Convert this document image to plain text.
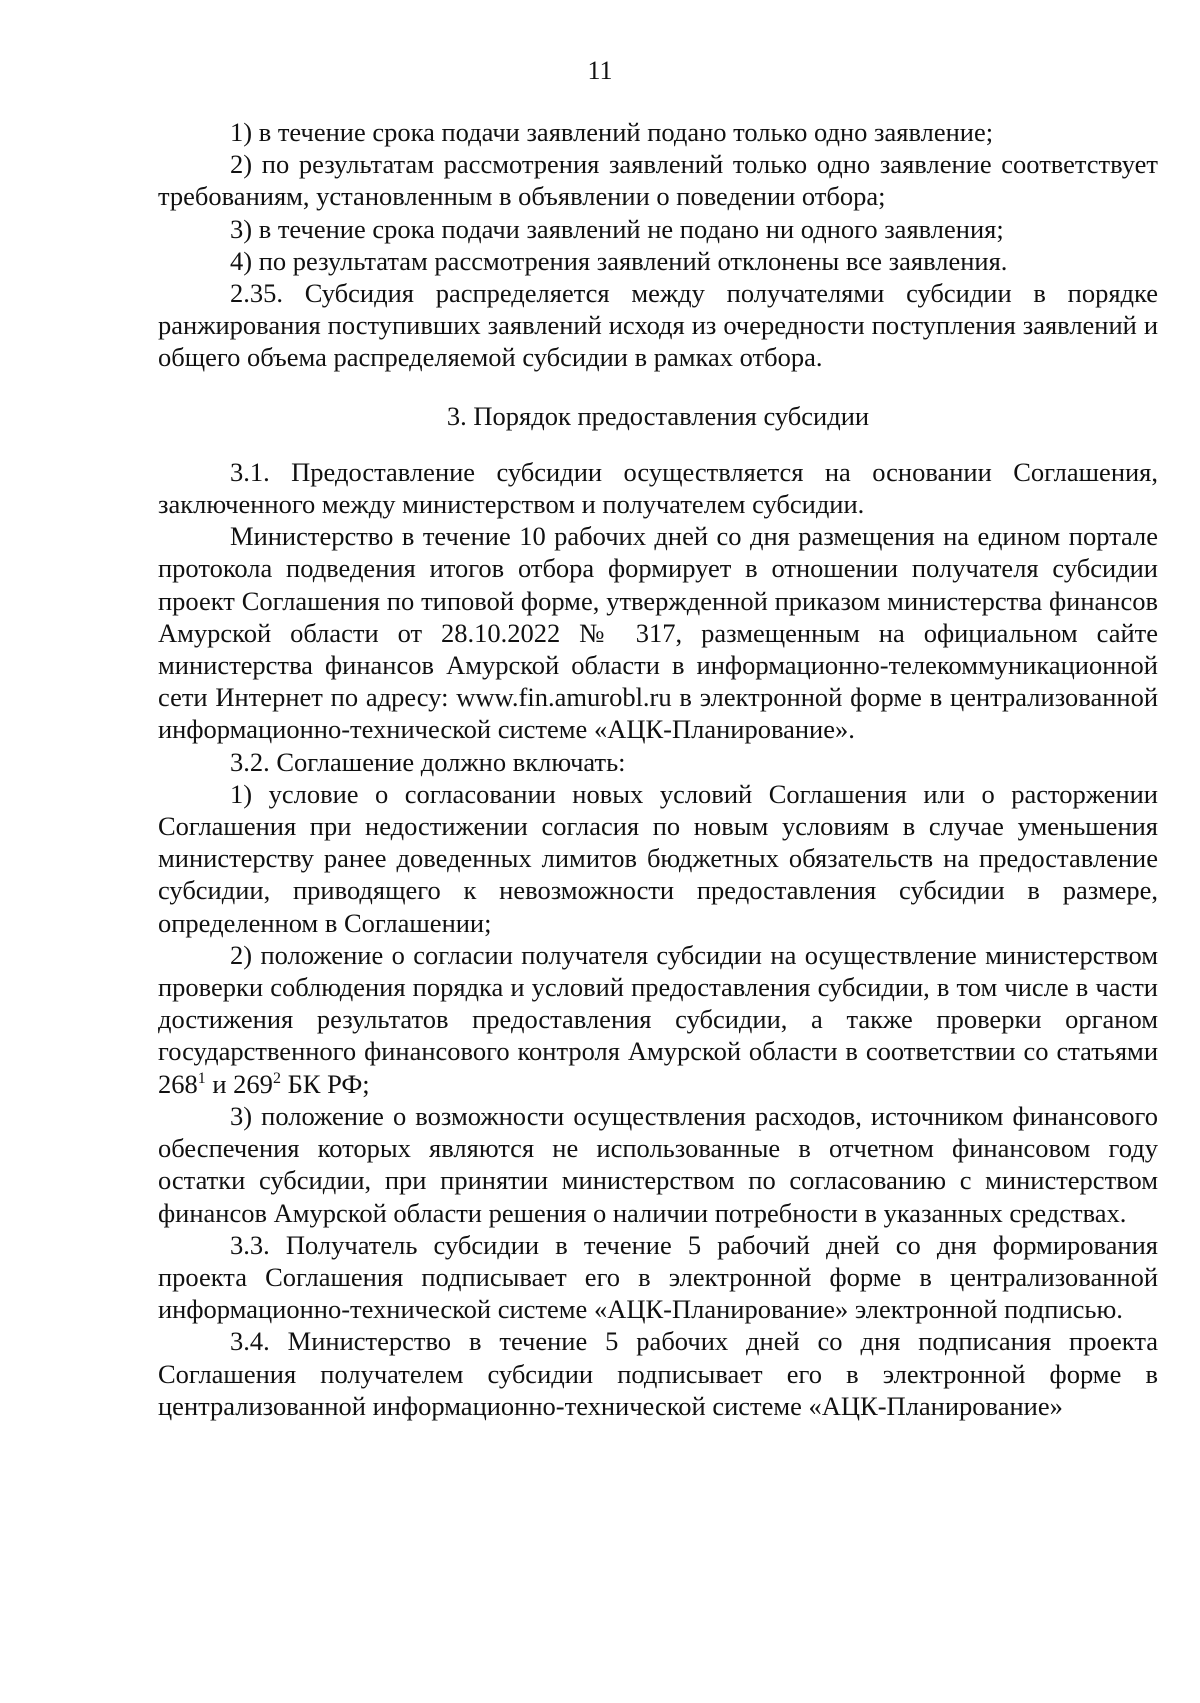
11

1) в течение срока подачи заявлений подано только одно заявление;

2) по результатам рассмотрения заявлений только одно заявление соответствует требованиям, установленным в объявлении о поведении отбора;

3) в течение срока подачи заявлений не подано ни одного заявления;

4) по результатам рассмотрения заявлений отклонены все заявления.

2.35. Субсидия распределяется между получателями субсидии в порядке ранжирования поступивших заявлений исходя из очередности поступления заявлений и общего объема распределяемой субсидии в рамках отбора.

3. Порядок предоставления субсидии

3.1. Предоставление субсидии осуществляется на основании Соглашения, заключенного между министерством и получателем субсидии.

Министерство в течение 10 рабочих дней со дня размещения на едином портале протокола подведения итогов отбора формирует в отношении получателя субсидии проект Соглашения по типовой форме, утвержденной приказом министерства финансов Амурской области от 28.10.2022 № 317, размещенным на официальном сайте министерства финансов Амурской области в информационно-телекоммуникационной сети Интернет по адресу: www.fin.amurobl.ru в электронной форме в централизованной информационно-технической системе «АЦК-Планирование».

3.2. Соглашение должно включать:

1) условие о согласовании новых условий Соглашения или о расторжении Соглашения при недостижении согласия по новым условиям в случае уменьшения министерству ранее доведенных лимитов бюджетных обязательств на предоставление субсидии, приводящего к невозможности предоставления субсидии в размере, определенном в Соглашении;

2) положение о согласии получателя субсидии на осуществление министерством проверки соблюдения порядка и условий предоставления субсидии, в том числе в части достижения результатов предоставления субсидии, а также проверки органом государственного финансового контроля Амурской области в соответствии со статьями $268^1$ и $269^2$ БК РФ;

3) положение о возможности осуществления расходов, источником финансового обеспечения которых являются не использованные в отчетном финансовом году остатки субсидии, при принятии министерством по согласованию с министерством финансов Амурской области решения о наличии потребности в указанных средствах.

3.3. Получатель субсидии в течение 5 рабочий дней со дня формирования проекта Соглашения подписывает его в электронной форме в централизованной информационно-технической системе «АЦК-Планирование» электронной подписью.

3.4. Министерство в течение 5 рабочих дней со дня подписания проекта Соглашения получателем субсидии подписывает его в электронной форме в централизованной информационно-технической системе «АЦК-Планирование»
